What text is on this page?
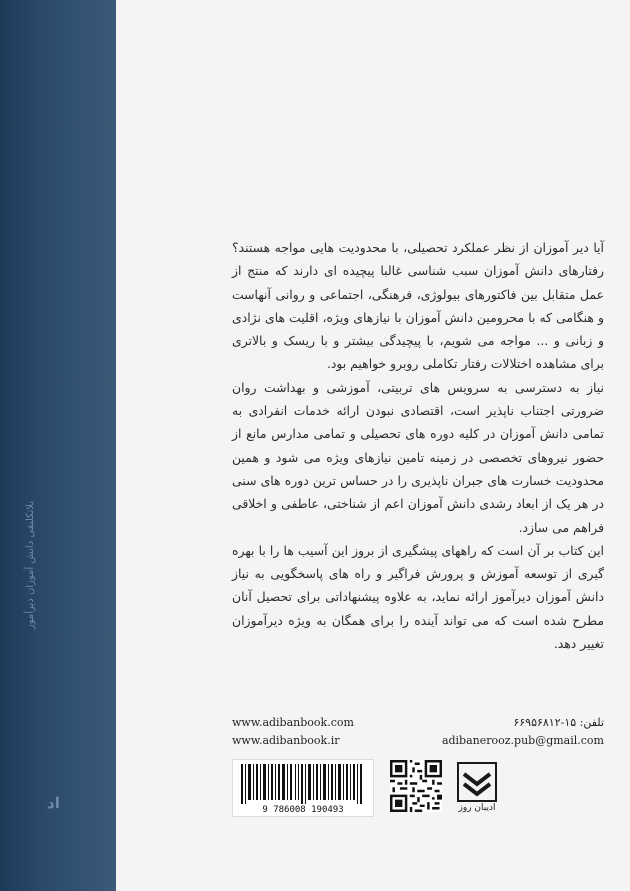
بلاتکلیفی دانش آموزان دیرآموز
ا‌د

آیا دیر آموزان از نظر عملکرد تحصیلی، با محدودیت هایی مواجه هستند؟ رفتارهای دانش آموزان سبب شناسی غالبا پیچیده ای دارند که منتج از عمل متقابل بین فاکتورهای بیولوژی، فرهنگی، اجتماعی و روانی آنهاست و هنگامی که با محرومین دانش آموزان با نیازهای ویژه، اقلیت های نژادی و زبانی و ... مواجه می شویم، با پیچیدگی بیشتر و با ریسک و بالاتری برای مشاهده اختلالات رفتار تکاملی روبرو خواهیم بود.

نیاز به دسترسی به سرویس های تربیتی، آموزشی و بهداشت روان ضرورتی اجتناب ناپذیر است، اقتصادی نبودن ارائه خدمات انفرادی به تمامی دانش آموزان در کلیه دوره های تحصیلی و تمامی مدارس مانع از حضور نیروهای تخصصی در زمینه تامین نیازهای ویژه می شود و همین محدودیت خسارت های جبران ناپذیری را در حساس ترین دوره های سنی در هر یک از ابعاد رشدی دانش آموزان اعم از شناختی، عاطفی و اخلاقی فراهم می سازد.

این کتاب بر آن است که راههای پیشگیری از بروز این آسیب ها را با بهره گیری از توسعه آموزش و پرورش فراگیر و راه های پاسخگویی به نیاز دانش آموزان دیرآموز ارائه نماید، به علاوه پیشنهاداتی برای تحصیل آنان مطرح شده است که می تواند آینده را برای همگان به ویژه دیرآموزان تغییر دهد.

www.adibanbook.com
www.adibanbook.ir
تلفن: ۱۵-۶۶۹۵۶۸۱۲
adibanerooz.pub@gmail.com
9 786008 190493	ادیبان روز
